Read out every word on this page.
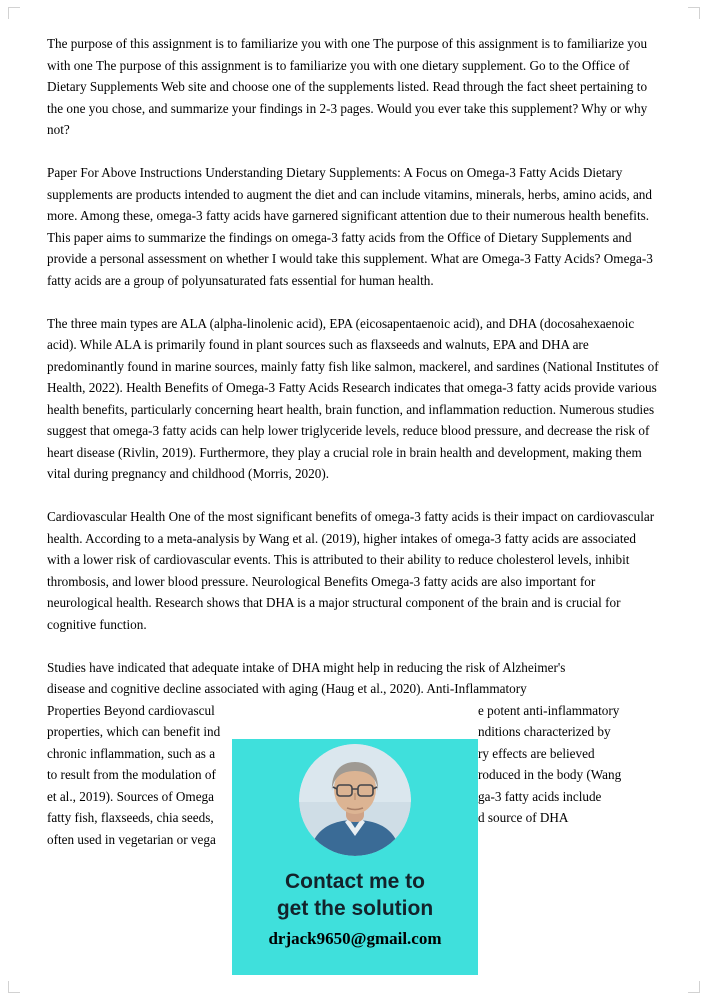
The purpose of this assignment is to familiarize you with one The purpose of this assignment is to familiarize you with one The purpose of this assignment is to familiarize you with one dietary supplement. Go to the Office of Dietary Supplements Web site and choose one of the supplements listed. Read through the fact sheet pertaining to the one you chose, and summarize your findings in 2-3 pages. Would you ever take this supplement? Why or why not?

Paper For Above Instructions Understanding Dietary Supplements: A Focus on Omega-3 Fatty Acids Dietary supplements are products intended to augment the diet and can include vitamins, minerals, herbs, amino acids, and more. Among these, omega-3 fatty acids have garnered significant attention due to their numerous health benefits. This paper aims to summarize the findings on omega-3 fatty acids from the Office of Dietary Supplements and provide a personal assessment on whether I would take this supplement. What are Omega-3 Fatty Acids? Omega-3 fatty acids are a group of polyunsaturated fats essential for human health.

The three main types are ALA (alpha-linolenic acid), EPA (eicosapentaenoic acid), and DHA (docosahexaenoic acid). While ALA is primarily found in plant sources such as flaxseeds and walnuts, EPA and DHA are predominantly found in marine sources, mainly fatty fish like salmon, mackerel, and sardines (National Institutes of Health, 2022). Health Benefits of Omega-3 Fatty Acids Research indicates that omega-3 fatty acids provide various health benefits, particularly concerning heart health, brain function, and inflammation reduction. Numerous studies suggest that omega-3 fatty acids can help lower triglyceride levels, reduce blood pressure, and decrease the risk of heart disease (Rivlin, 2019). Furthermore, they play a crucial role in brain health and development, making them vital during pregnancy and childhood (Morris, 2020).

Cardiovascular Health One of the most significant benefits of omega-3 fatty acids is their impact on cardiovascular health. According to a meta-analysis by Wang et al. (2019), higher intakes of omega-3 fatty acids are associated with a lower risk of cardiovascular events. This is attributed to their ability to reduce cholesterol levels, inhibit thrombosis, and lower blood pressure. Neurological Benefits Omega-3 fatty acids are also important for neurological health. Research shows that DHA is a major structural component of the brain and is crucial for cognitive function.

Studies have indicated that adequate intake of DHA might help in reducing the risk of Alzheimer's
disease and cognitive decline associated with aging (Haug et al., 2020). Anti-Inflammatory
Properties Beyond cardiovascul	e potent anti-inflammatory
properties, which can benefit ind	nditions characterized by
chronic inflammation, such as a	ry effects are believed
to result from the modulation of	roduced in the body (Wang
et al., 2019). Sources of Omega	ga-3 fatty acids include
fatty fish, flaxseeds, chia seeds,	d source of DHA
often used in vegetarian or vega
Contact me to
get the solution
drjack9650@gmail.com
